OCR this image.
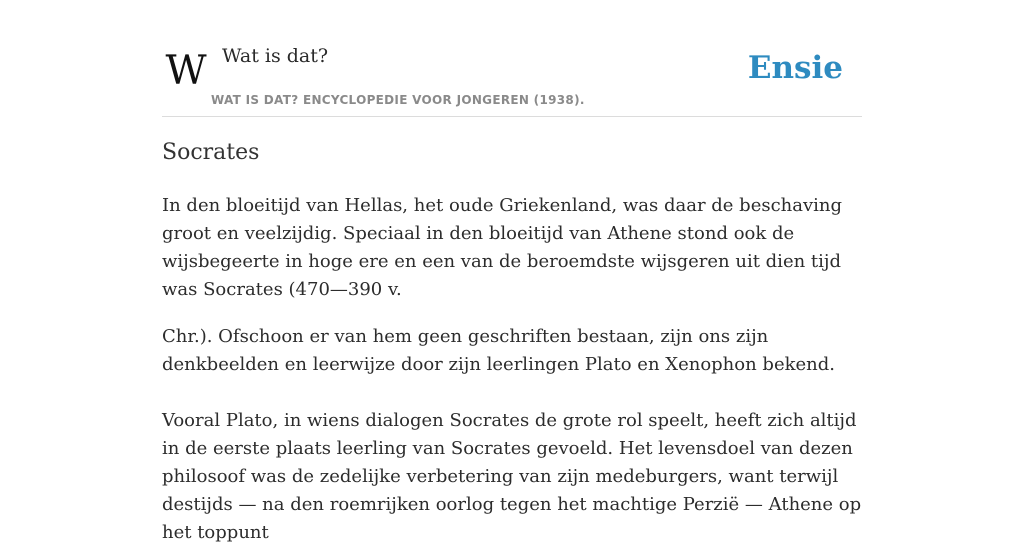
W Wat is dat?
WAT IS DAT? ENCYCLOPEDIE VOOR JONGEREN (1938).
Ensie
Socrates

In den bloeitijd van Hellas, het oude Griekenland, was daar de beschaving groot en veelzijdig. Speciaal in den bloeitijd van Athene stond ook de wijsbegeerte in hoge ere en een van de beroemdste wijsgeren uit dien tijd was Socrates (470—390 v.

Chr.). Ofschoon er van hem geen geschriften bestaan, zijn ons zijn denkbeelden en leerwijze door zijn leerlingen Plato en Xenophon bekend.

Vooral Plato, in wiens dialogen Socrates de grote rol speelt, heeft zich altijd in de eerste plaats leerling van Socrates gevoeld. Het levensdoel van dezen philosoof was de zedelijke verbetering van zijn medeburgers, want terwijl destijds — na den roemrijken oorlog tegen het machtige Perzië — Athene op het toppunt
